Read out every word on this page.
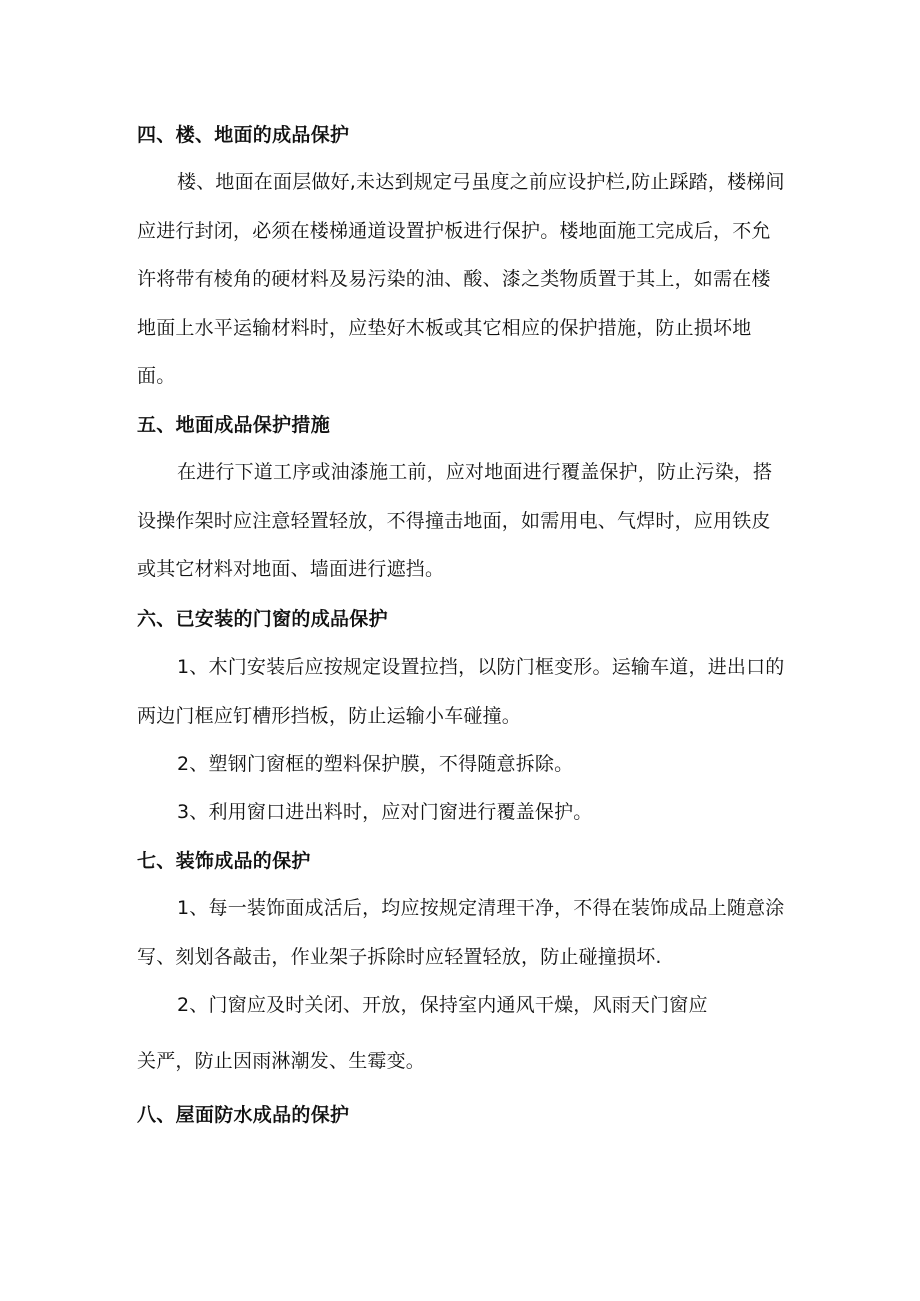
四、楼、地面的成品保护

楼、地面在面层做好,未达到规定弓虽度之前应设护栏,防止踩踏，楼梯间应进行封闭，必须在楼梯通道设置护板进行保护。楼地面施工完成后，不允许将带有棱角的硬材料及易污染的油、酸、漆之类物质置于其上，如需在楼地面上水平运输材料时，应垫好木板或其它相应的保护措施，防止损坏地面。

五、地面成品保护措施

在进行下道工序或油漆施工前，应对地面进行覆盖保护，防止污染，搭设操作架时应注意轻置轻放，不得撞击地面，如需用电、气焊时，应用铁皮或其它材料对地面、墙面进行遮挡。

六、已安装的门窗的成品保护

1、木门安装后应按规定设置拉挡，以防门框变形。运输车道，进出口的两边门框应钉槽形挡板，防止运输小车碰撞。

2、塑钢门窗框的塑料保护膜，不得随意拆除。

3、利用窗口进出料时，应对门窗进行覆盖保护。

七、装饰成品的保护

1、每一装饰面成活后，均应按规定清理干净，不得在装饰成品上随意涂写、刻划各敲击，作业架子拆除时应轻置轻放，防止碰撞损坏.

2、门窗应及时关闭、开放，保持室内通风干燥，风雨天门窗应

关严，防止因雨淋潮发、生霉变。
八、屋面防水成品的保护
